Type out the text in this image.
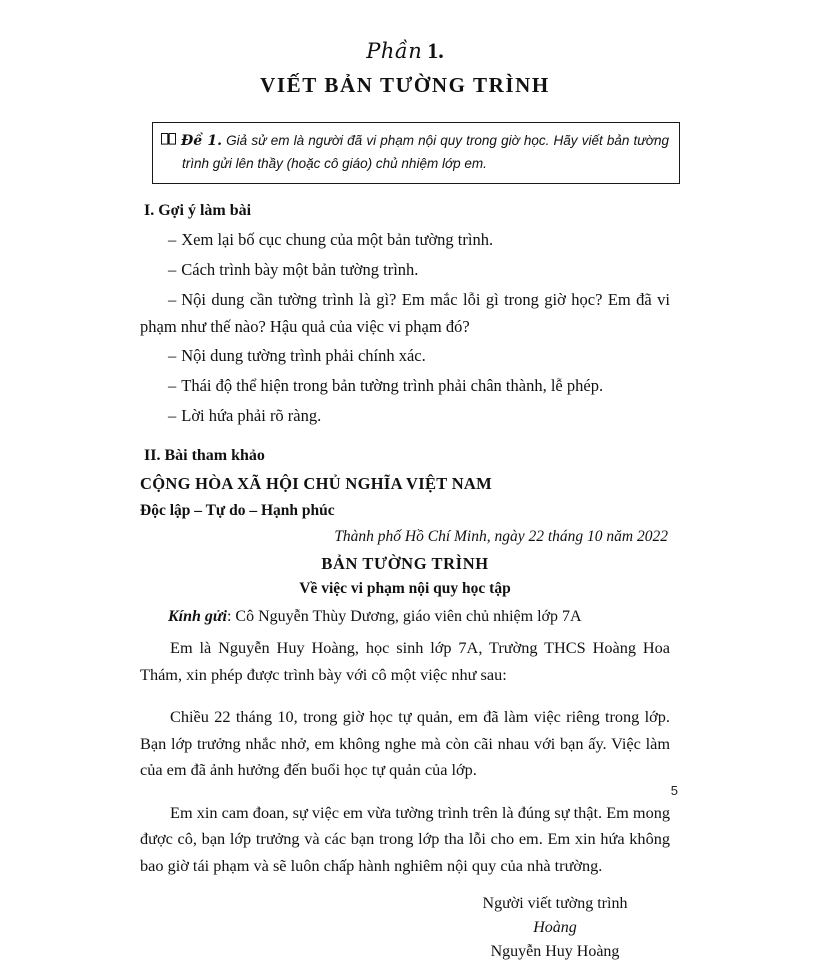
Phần 1.
VIẾT BẢN TƯỜNG TRÌNH
Đề 1. Giả sử em là người đã vi phạm nội quy trong giờ học. Hãy viết bản tường trình gửi lên thầy (hoặc cô giáo) chủ nhiệm lớp em.
I. Gợi ý làm bài
– Xem lại bố cục chung của một bản tường trình.
– Cách trình bày một bản tường trình.
– Nội dung cần tường trình là gì? Em mắc lỗi gì trong giờ học? Em đã vi phạm như thế nào? Hậu quả của việc vi phạm đó?
– Nội dung tường trình phải chính xác.
– Thái độ thể hiện trong bản tường trình phải chân thành, lễ phép.
– Lời hứa phải rõ ràng.
II. Bài tham khảo
CỘNG HÒA XÃ HỘI CHỦ NGHĨA VIỆT NAM
Độc lập – Tự do – Hạnh phúc
Thành phố Hồ Chí Minh, ngày 22 tháng 10 năm 2022
BẢN TƯỜNG TRÌNH
Về việc vi phạm nội quy học tập
Kính gửi: Cô Nguyễn Thùy Dương, giáo viên chủ nhiệm lớp 7A

Em là Nguyễn Huy Hoàng, học sinh lớp 7A, Trường THCS Hoàng Hoa Thám, xin phép được trình bày với cô một việc như sau:

Chiều 22 tháng 10, trong giờ học tự quản, em đã làm việc riêng trong lớp. Bạn lớp trưởng nhắc nhở, em không nghe mà còn cãi nhau với bạn ấy. Việc làm của em đã ảnh hưởng đến buổi học tự quản của lớp.

Em xin cam đoan, sự việc em vừa tường trình trên là đúng sự thật. Em mong được cô, bạn lớp trưởng và các bạn trong lớp tha lỗi cho em. Em xin hứa không bao giờ tái phạm và sẽ luôn chấp hành nghiêm nội quy của nhà trường.

Người viết tường trình
Hoàng
Nguyễn Huy Hoàng
5
